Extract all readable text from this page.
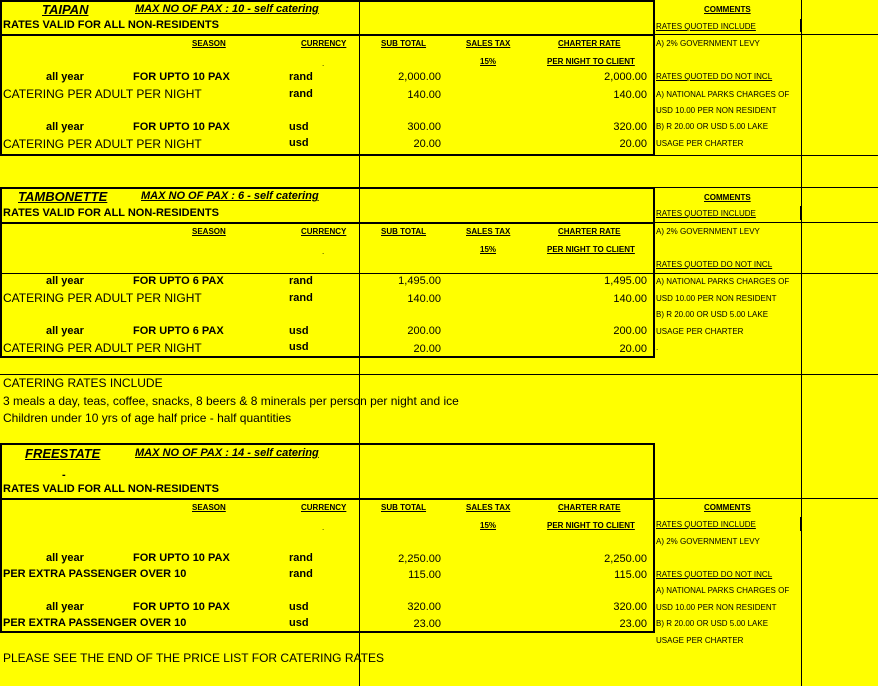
TAIPAN	MAX NO OF PAX : 10 - self catering
RATES VALID FOR ALL NON-RESIDENTS
SEASON	CURRENCY	SUB TOTAL	SALES TAX	CHARTER RATE
15%	PER NIGHT TO CLIENT
.
all year	FOR UPTO 10 PAX	rand	2,000.00	2,000.00
CATERING PER ADULT PER NIGHT	rand	140.00	140.00
all year	FOR UPTO 10 PAX	usd	300.00	320.00
CATERING PER ADULT PER NIGHT	usd	20.00	20.00
COMMENTS
RATES QUOTED INCLUDE
A) 2% GOVERNMENT LEVY
RATES QUOTED DO NOT INCL
A) NATIONAL PARKS CHARGES OF
USD 10.00 PER NON RESIDENT
B) R 20.00 OR USD 5.00 LAKE
USAGE PER CHARTER
TAMBONETTE	MAX NO OF PAX : 6 - self catering
RATES VALID FOR ALL NON-RESIDENTS
SEASON	CURRENCY	SUB TOTAL	SALES TAX	CHARTER RATE
15%	PER NIGHT TO CLIENT
.
all year	FOR UPTO 6 PAX	rand	1,495.00	1,495.00
CATERING PER ADULT PER NIGHT	rand	140.00	140.00
all year	FOR UPTO 6 PAX	usd	200.00	200.00
CATERING PER ADULT PER NIGHT	usd	20.00	20.00
COMMENTS
RATES QUOTED INCLUDE
A) 2% GOVERNMENT LEVY
RATES QUOTED DO NOT INCL
A) NATIONAL PARKS CHARGES OF
USD 10.00 PER NON RESIDENT
B) R 20.00 OR USD 5.00 LAKE
USAGE PER CHARTER
.
CATERING RATES INCLUDE
3 meals a day, teas, coffee, snacks, 8 beers & 8 minerals per person per night and ice
Children under 10 yrs of age half price - half quantities
FREESTATE	MAX NO OF PAX : 14 - self catering
-
RATES VALID FOR ALL NON-RESIDENTS
SEASON	CURRENCY	SUB TOTAL	SALES TAX	CHARTER RATE
15%	PER NIGHT TO CLIENT
.
all year	FOR UPTO 10 PAX	rand	2,250.00	2,250.00
PER EXTRA PASSENGER OVER 10	rand	115.00	115.00
all year	FOR UPTO 10 PAX	usd	320.00	320.00
PER EXTRA PASSENGER OVER 10	usd	23.00	23.00
COMMENTS
RATES QUOTED INCLUDE
A) 2% GOVERNMENT LEVY
RATES QUOTED DO NOT INCL
A) NATIONAL PARKS CHARGES OF
USD 10.00 PER NON RESIDENT
B) R 20.00 OR USD 5.00 LAKE
USAGE PER CHARTER
PLEASE SEE THE END OF THE PRICE LIST FOR CATERING RATES
